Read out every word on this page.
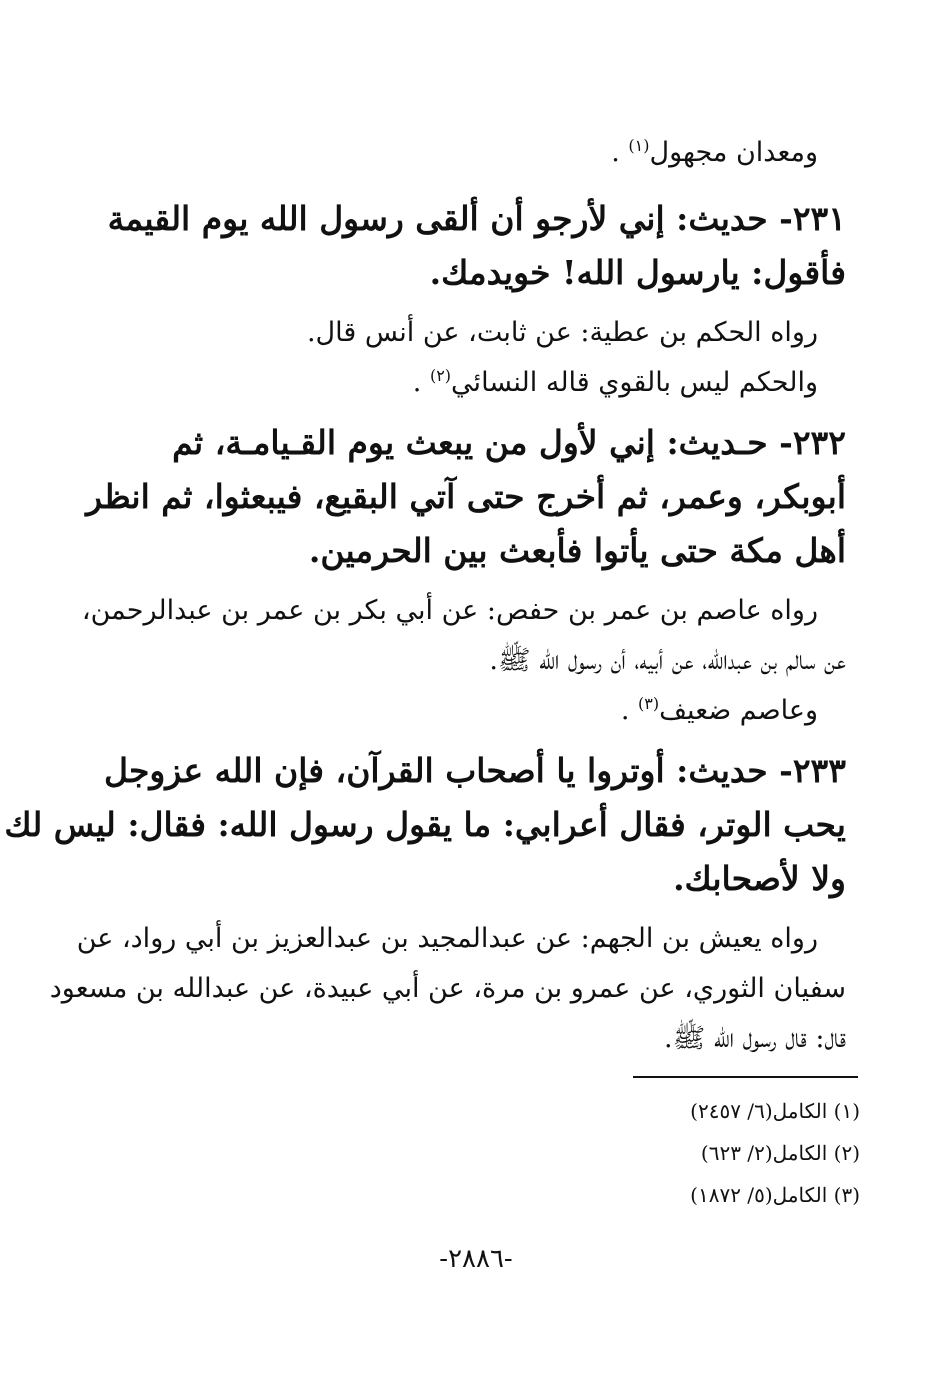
ومعدان مجهول$^{(١)}$ .
٢٣١- حديث: إني لأرجو أن ألقى رسول الله يوم القيمة
فأقول: يارسول الله! خويدمك.
رواه الحكم بن عطية: عن ثابت، عن أنس قال.
والحكم ليس بالقوي قاله النسائي$^{(٢)}$ .
٢٣٢- حـديث: إني لأول من يبعث يوم القـيامـة، ثم
أبوبكر، وعمر، ثم أخرج حتى آتي البقيع، فيبعثوا، ثم انظر
أهل مكة حتى يأتوا فأبعث بين الحرمين.
رواه عاصم بن عمر بن حفص: عن أبي بكر بن عمر بن عبدالرحمن،
عن سالم بن عبدالله، عن أبيه، أن رسول الله ﷺ.
وعاصم ضعيف$^{(٣)}$ .
٢٣٣- حديث: أوتروا يا أصحاب القرآن، فإن الله عزوجل
يحب الوتر، فقال أعرابي: ما يقول رسول الله: فقال: ليس لك
ولا لأصحابك.
رواه يعيش بن الجهم: عن عبدالمجيد بن عبدالعزيز بن أبي رواد، عن
سفيان الثوري، عن عمرو بن مرة، عن أبي عبيدة، عن عبدالله بن مسعود
قال: قال رسول الله ﷺ.
(١) الكامل(٦/ ٢٤٥٧)
(٢) الكامل(٢/ ٦٢٣)
(٣) الكامل(٥/ ١٨٧٢)
-٢٨٨٦-
